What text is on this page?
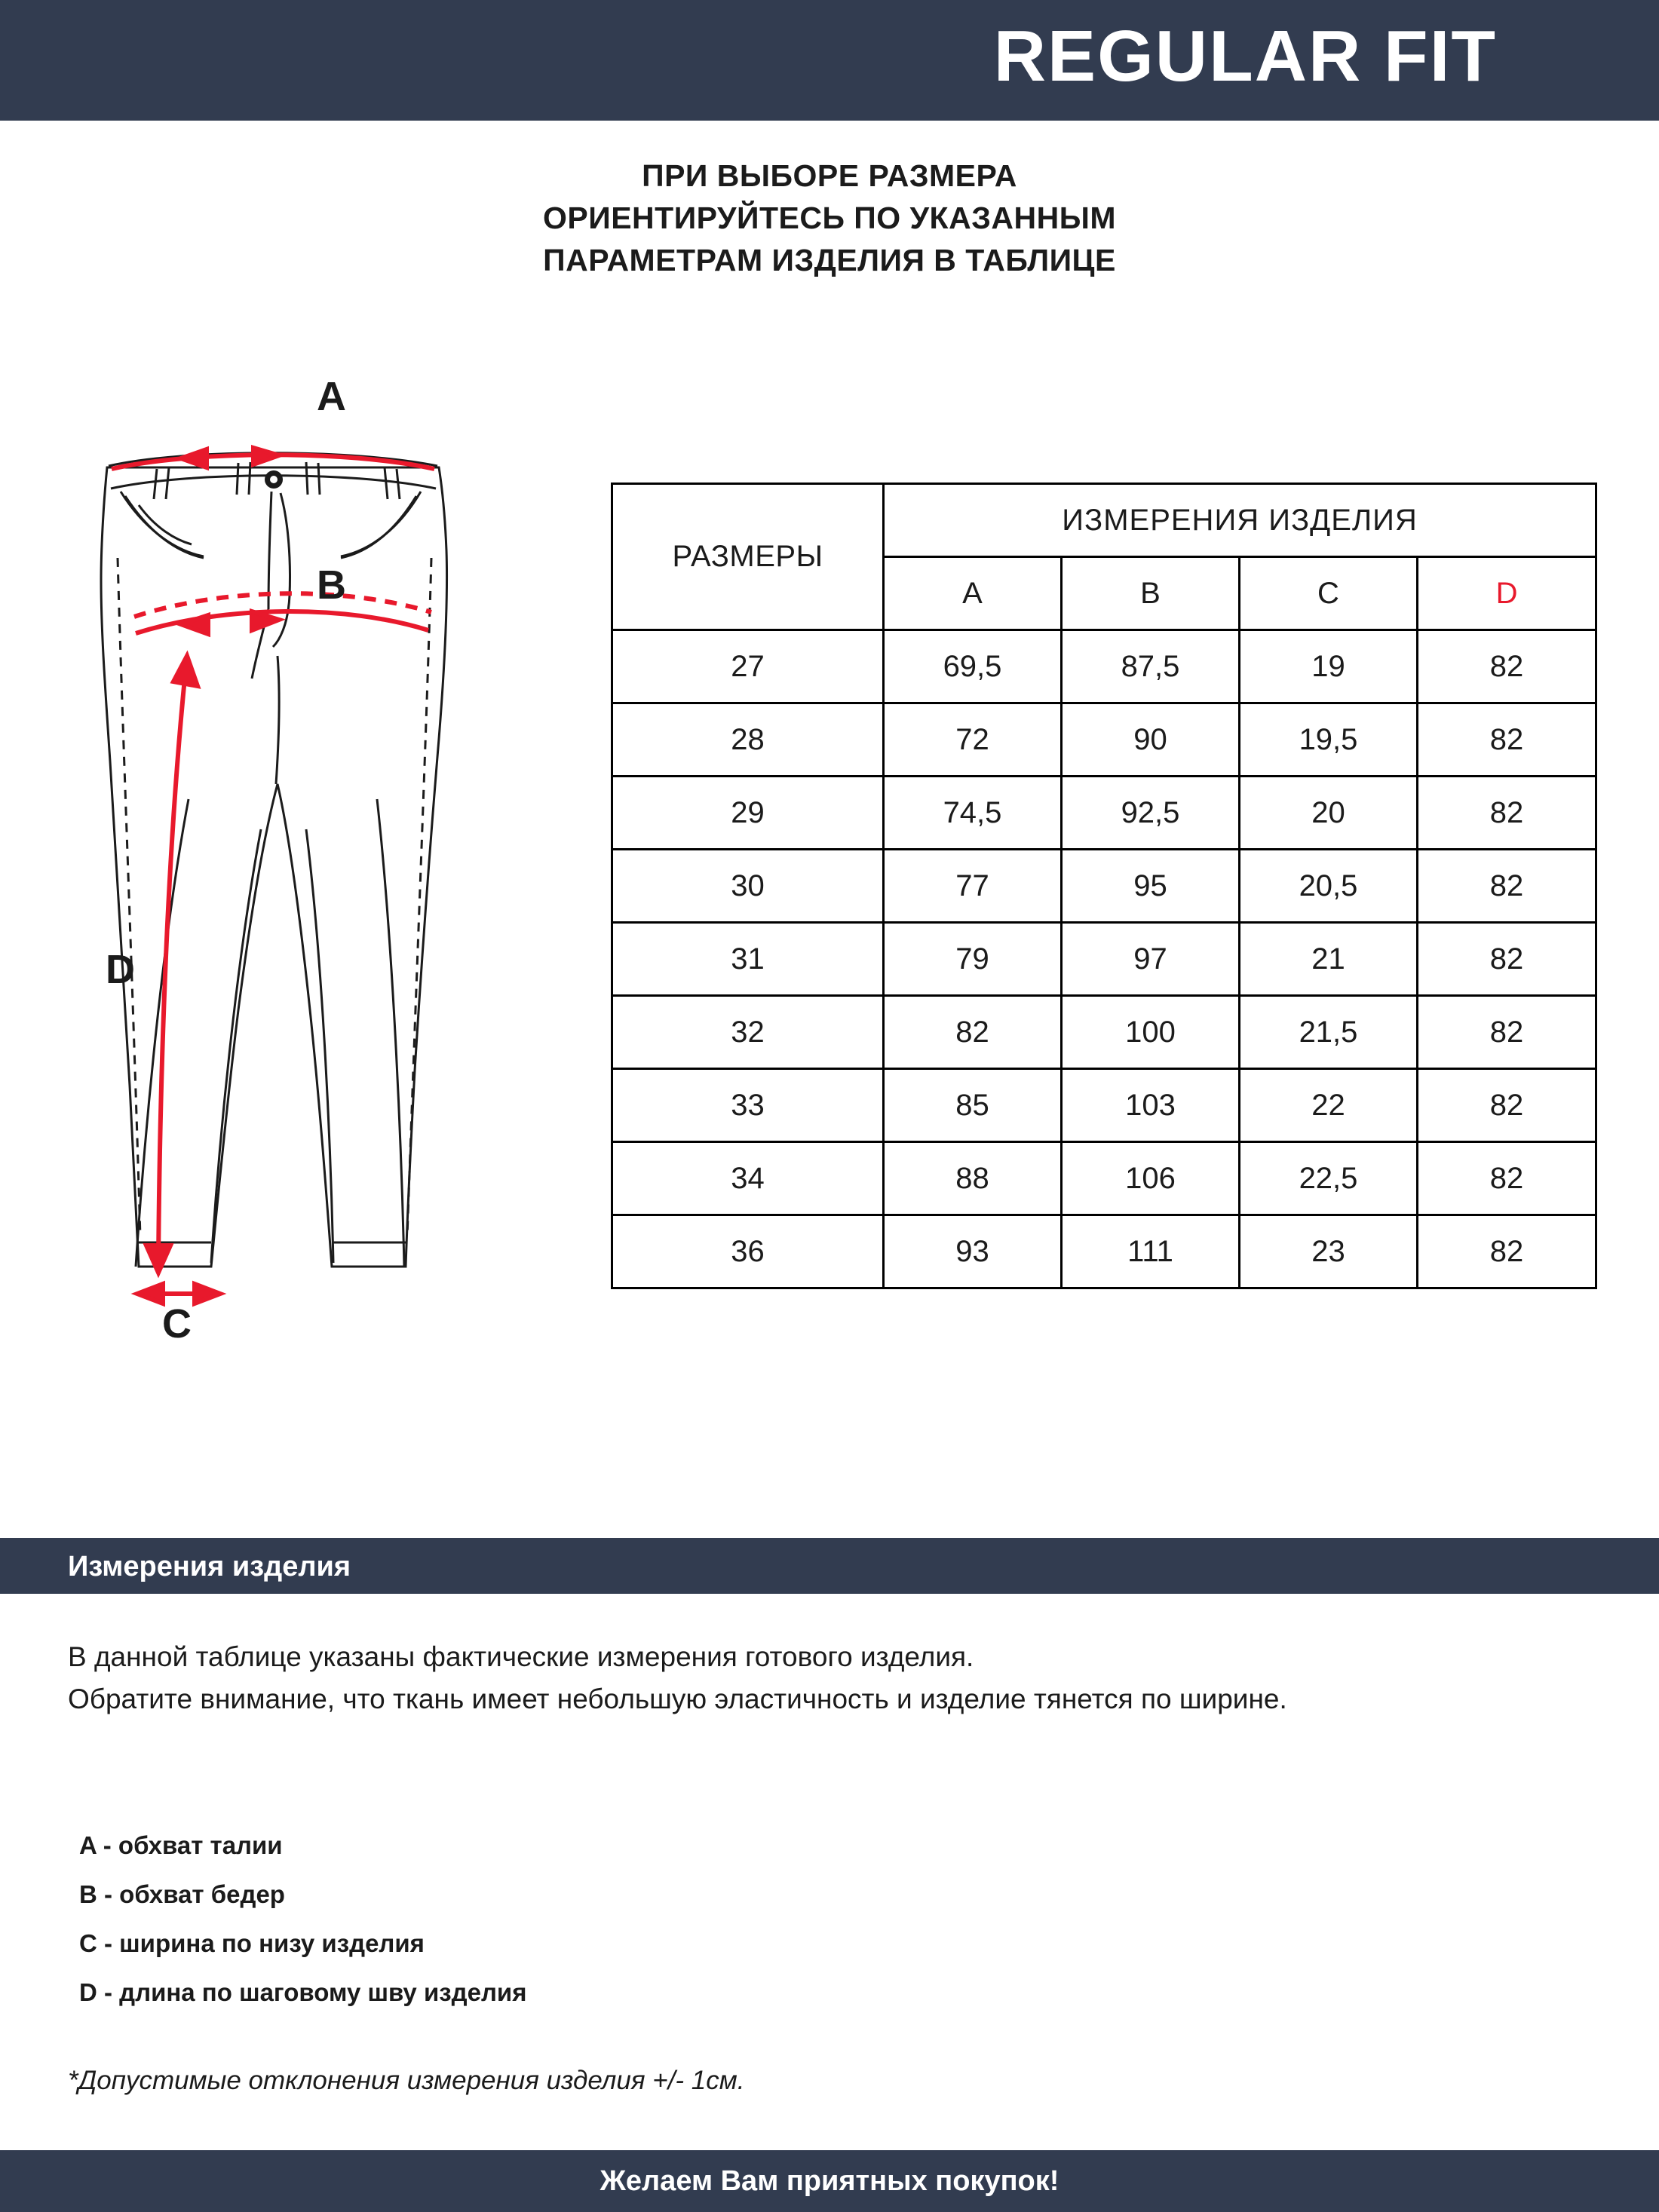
REGULAR FIT
ПРИ ВЫБОРЕ РАЗМЕРА
ОРИЕНТИРУЙТЕСЬ ПО УКАЗАННЫМ
ПАРАМЕТРАМ ИЗДЕЛИЯ В ТАБЛИЦЕ
A
B
C
D
РАЗМЕРЫ	ИЗМЕРЕНИЯ ИЗДЕЛИЯ			
	A	B	C	D
27	69,5	87,5	19	82
28	72	90	19,5	82
29	74,5	92,5	20	82
30	77	95	20,5	82
31	79	97	21	82
32	82	100	21,5	82
33	85	103	22	82
34	88	106	22,5	82
36	93	111	23	82
Измерения изделия
В данной таблице указаны фактические измерения готового изделия.
Обратите внимание, что ткань имеет небольшую эластичность и изделие тянется по ширине.
A - обхват талии
B - обхват бедер
C - ширина по низу изделия
D - длина по шаговому шву изделия
*Допустимые отклонения измерения изделия +/- 1см.
Желаем Вам приятных покупок!
